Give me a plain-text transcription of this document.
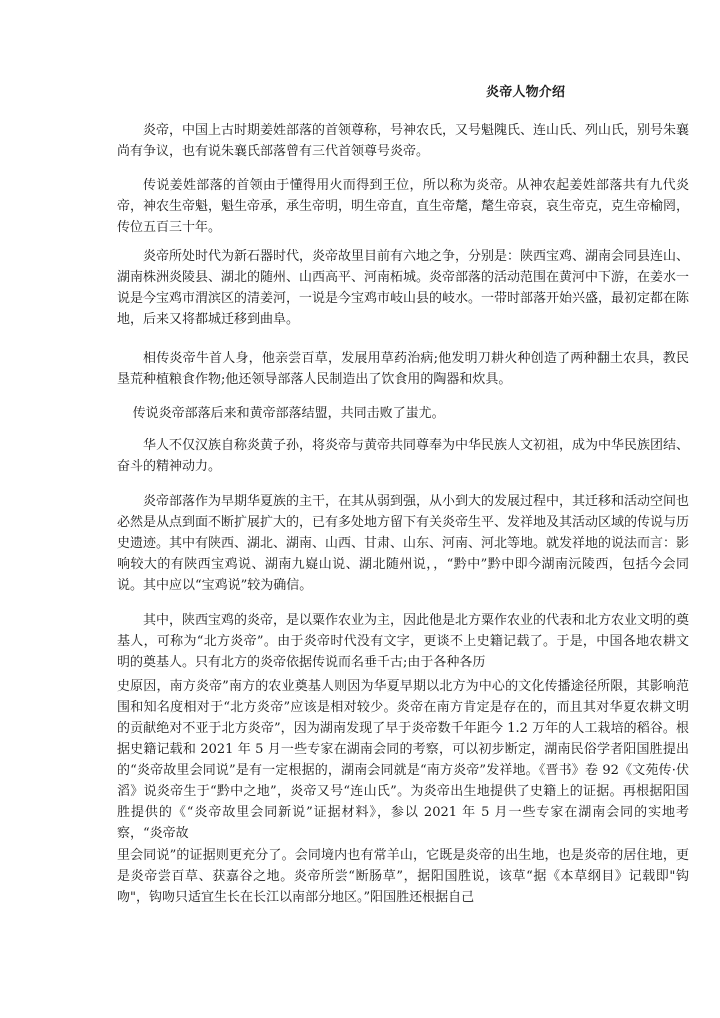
炎帝人物介绍

炎帝，中国上古时期姜姓部落的首领尊称，号神农氏，又号魁隗氏、连山氏、列山氏，别号朱襄尚有争议，也有说朱襄氏部落曾有三代首领尊号炎帝。

传说姜姓部落的首领由于懂得用火而得到王位，所以称为炎帝。从神农起姜姓部落共有九代炎帝，神农生帝魁，魁生帝承，承生帝明，明生帝直，直生帝氂，氂生帝哀，哀生帝克，克生帝榆罔，传位五百三十年。

炎帝所处时代为新石器时代，炎帝故里目前有六地之争，分别是：陕西宝鸡、湖南会同县连山、湖南株洲炎陵县、湖北的随州、山西高平、河南柘城。炎帝部落的活动范围在黄河中下游，在姜水一说是今宝鸡市渭滨区的清姜河，一说是今宝鸡市岐山县的岐水。一带时部落开始兴盛，最初定都在陈地，后来又将都城迁移到曲阜。

相传炎帝牛首人身，他亲尝百草，发展用草药治病;他发明刀耕火种创造了两种翻土农具，教民垦荒种植粮食作物;他还领导部落人民制造出了饮食用的陶器和炊具。

传说炎帝部落后来和黄帝部落结盟，共同击败了蚩尤。

华人不仅汉族自称炎黄子孙，将炎帝与黄帝共同尊奉为中华民族人文初祖，成为中华民族团结、奋斗的精神动力。

炎帝部落作为早期华夏族的主干，在其从弱到强，从小到大的发展过程中，其迁移和活动空间也必然是从点到面不断扩展扩大的，已有多处地方留下有关炎帝生平、发祥地及其活动区域的传说与历史遗迹。其中有陕西、湖北、湖南、山西、甘肃、山东、河南、河北等地。就发祥地的说法而言：影响较大的有陕西宝鸡说、湖南九嶷山说、湖北随州说，，“黔中”黔中即今湖南沅陵西，包括今会同说。其中应以“宝鸡说”较为确信。

其中，陕西宝鸡的炎帝，是以粟作农业为主，因此他是北方粟作农业的代表和北方农业文明的奠基人，可称为“北方炎帝”。由于炎帝时代没有文字，更谈不上史籍记载了。于是，中国各地农耕文明的奠基人。只有北方的炎帝依据传说而名垂千古;由于各种各历

史原因，南方炎帝”南方的农业奠基人则因为华夏早期以北方为中心的文化传播途径所限，其影响范围和知名度相对于“北方炎帝”应该是相对较少。炎帝在南方肯定是存在的，而且其对华夏农耕文明的贡献绝对不亚于北方炎帝”，因为湖南发现了早于炎帝数千年距今 1.2 万年的人工栽培的稻谷。根据史籍记载和 2021 年 5 月一些专家在湖南会同的考察，可以初步断定，湖南民俗学者阳国胜提出的“炎帝故里会同说”是有一定根据的，湖南会同就是“南方炎帝”发祥地。《晋书》卷 92《文苑传·伏滔》说炎帝生于“黔中之地”，炎帝又号“连山氏”。为炎帝出生地提供了史籍上的证据。再根据阳国胜提供的《“炎帝故里会同新说”证据材料》，参以 2021 年 5 月一些专家在湖南会同的实地考察，“炎帝故

里会同说”的证据则更充分了。会同境内也有常羊山，它既是炎帝的出生地，也是炎帝的居住地，更是炎帝尝百草、获嘉谷之地。炎帝所尝“断肠草”，据阳国胜说，该草“据《本草纲目》记载即"钩吻"，钩吻只适宜生长在长江以南部分地区。”阳国胜还根据自己
